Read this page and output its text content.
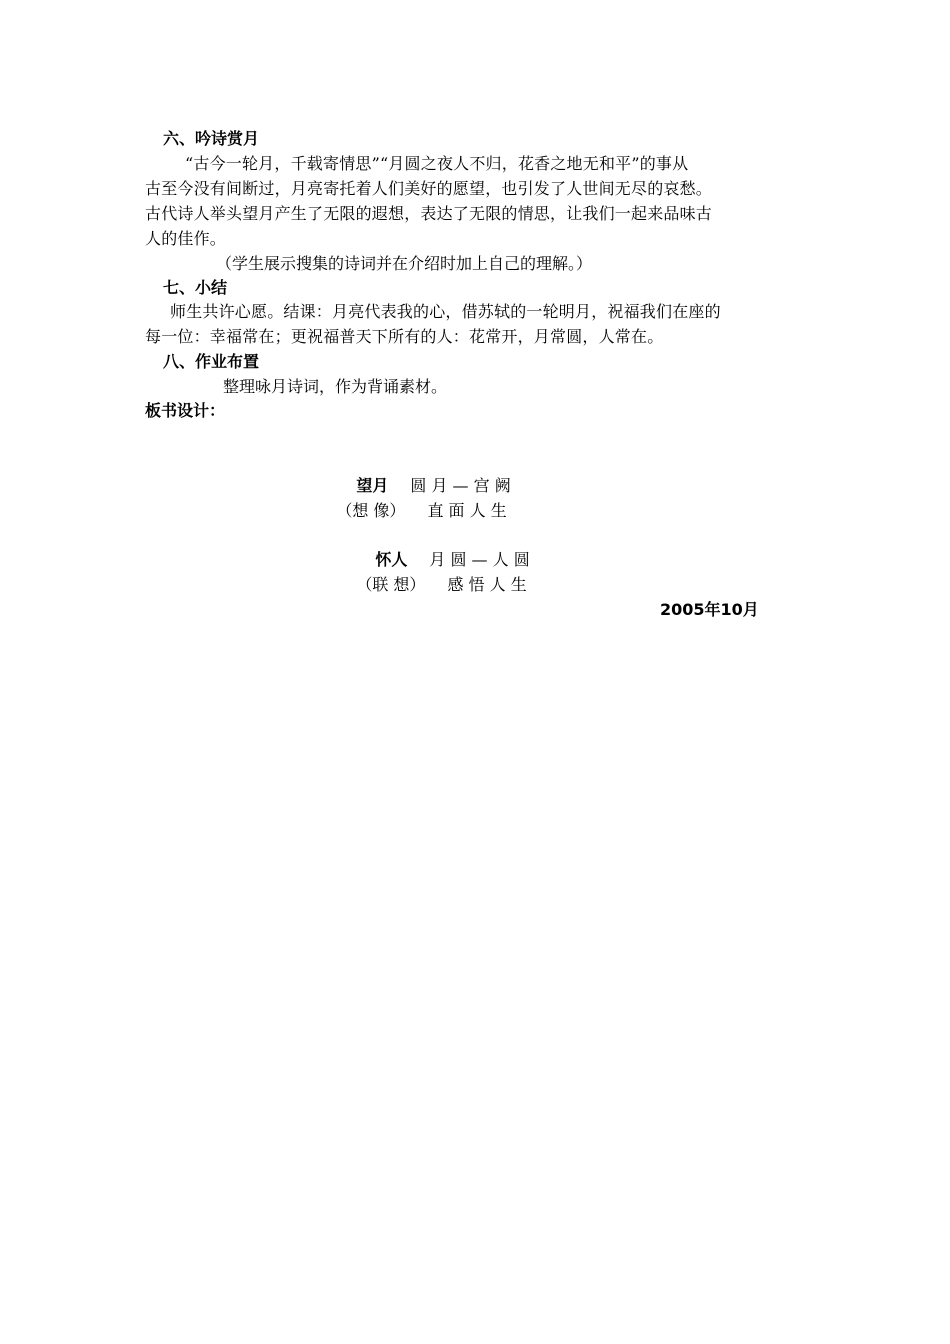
六、吟诗赏月
“古今一轮月，千载寄情思”“月圆之夜人不归，花香之地无和平”的事从
古至今没有间断过，月亮寄托着人们美好的愿望，也引发了人世间无尽的哀愁。
古代诗人举头望月产生了无限的遐想，表达了无限的情思，让我们一起来品味古
人的佳作。
（学生展示搜集的诗词并在介绍时加上自己的理解。）
七、小结
师生共许心愿。结课：月亮代表我的心，借苏轼的一轮明月，祝福我们在座的
每一位：幸福常在；更祝福普天下所有的人：花常开，月常圆，人常在。
八、作业布置
整理咏月诗词，作为背诵素材。
板书设计：

望月 圆 月 — 宫 阙

（想 像） 直 面 人 生

怀人 月 圆 — 人 圆

（联 想） 感 悟 人 生

2005年10月
